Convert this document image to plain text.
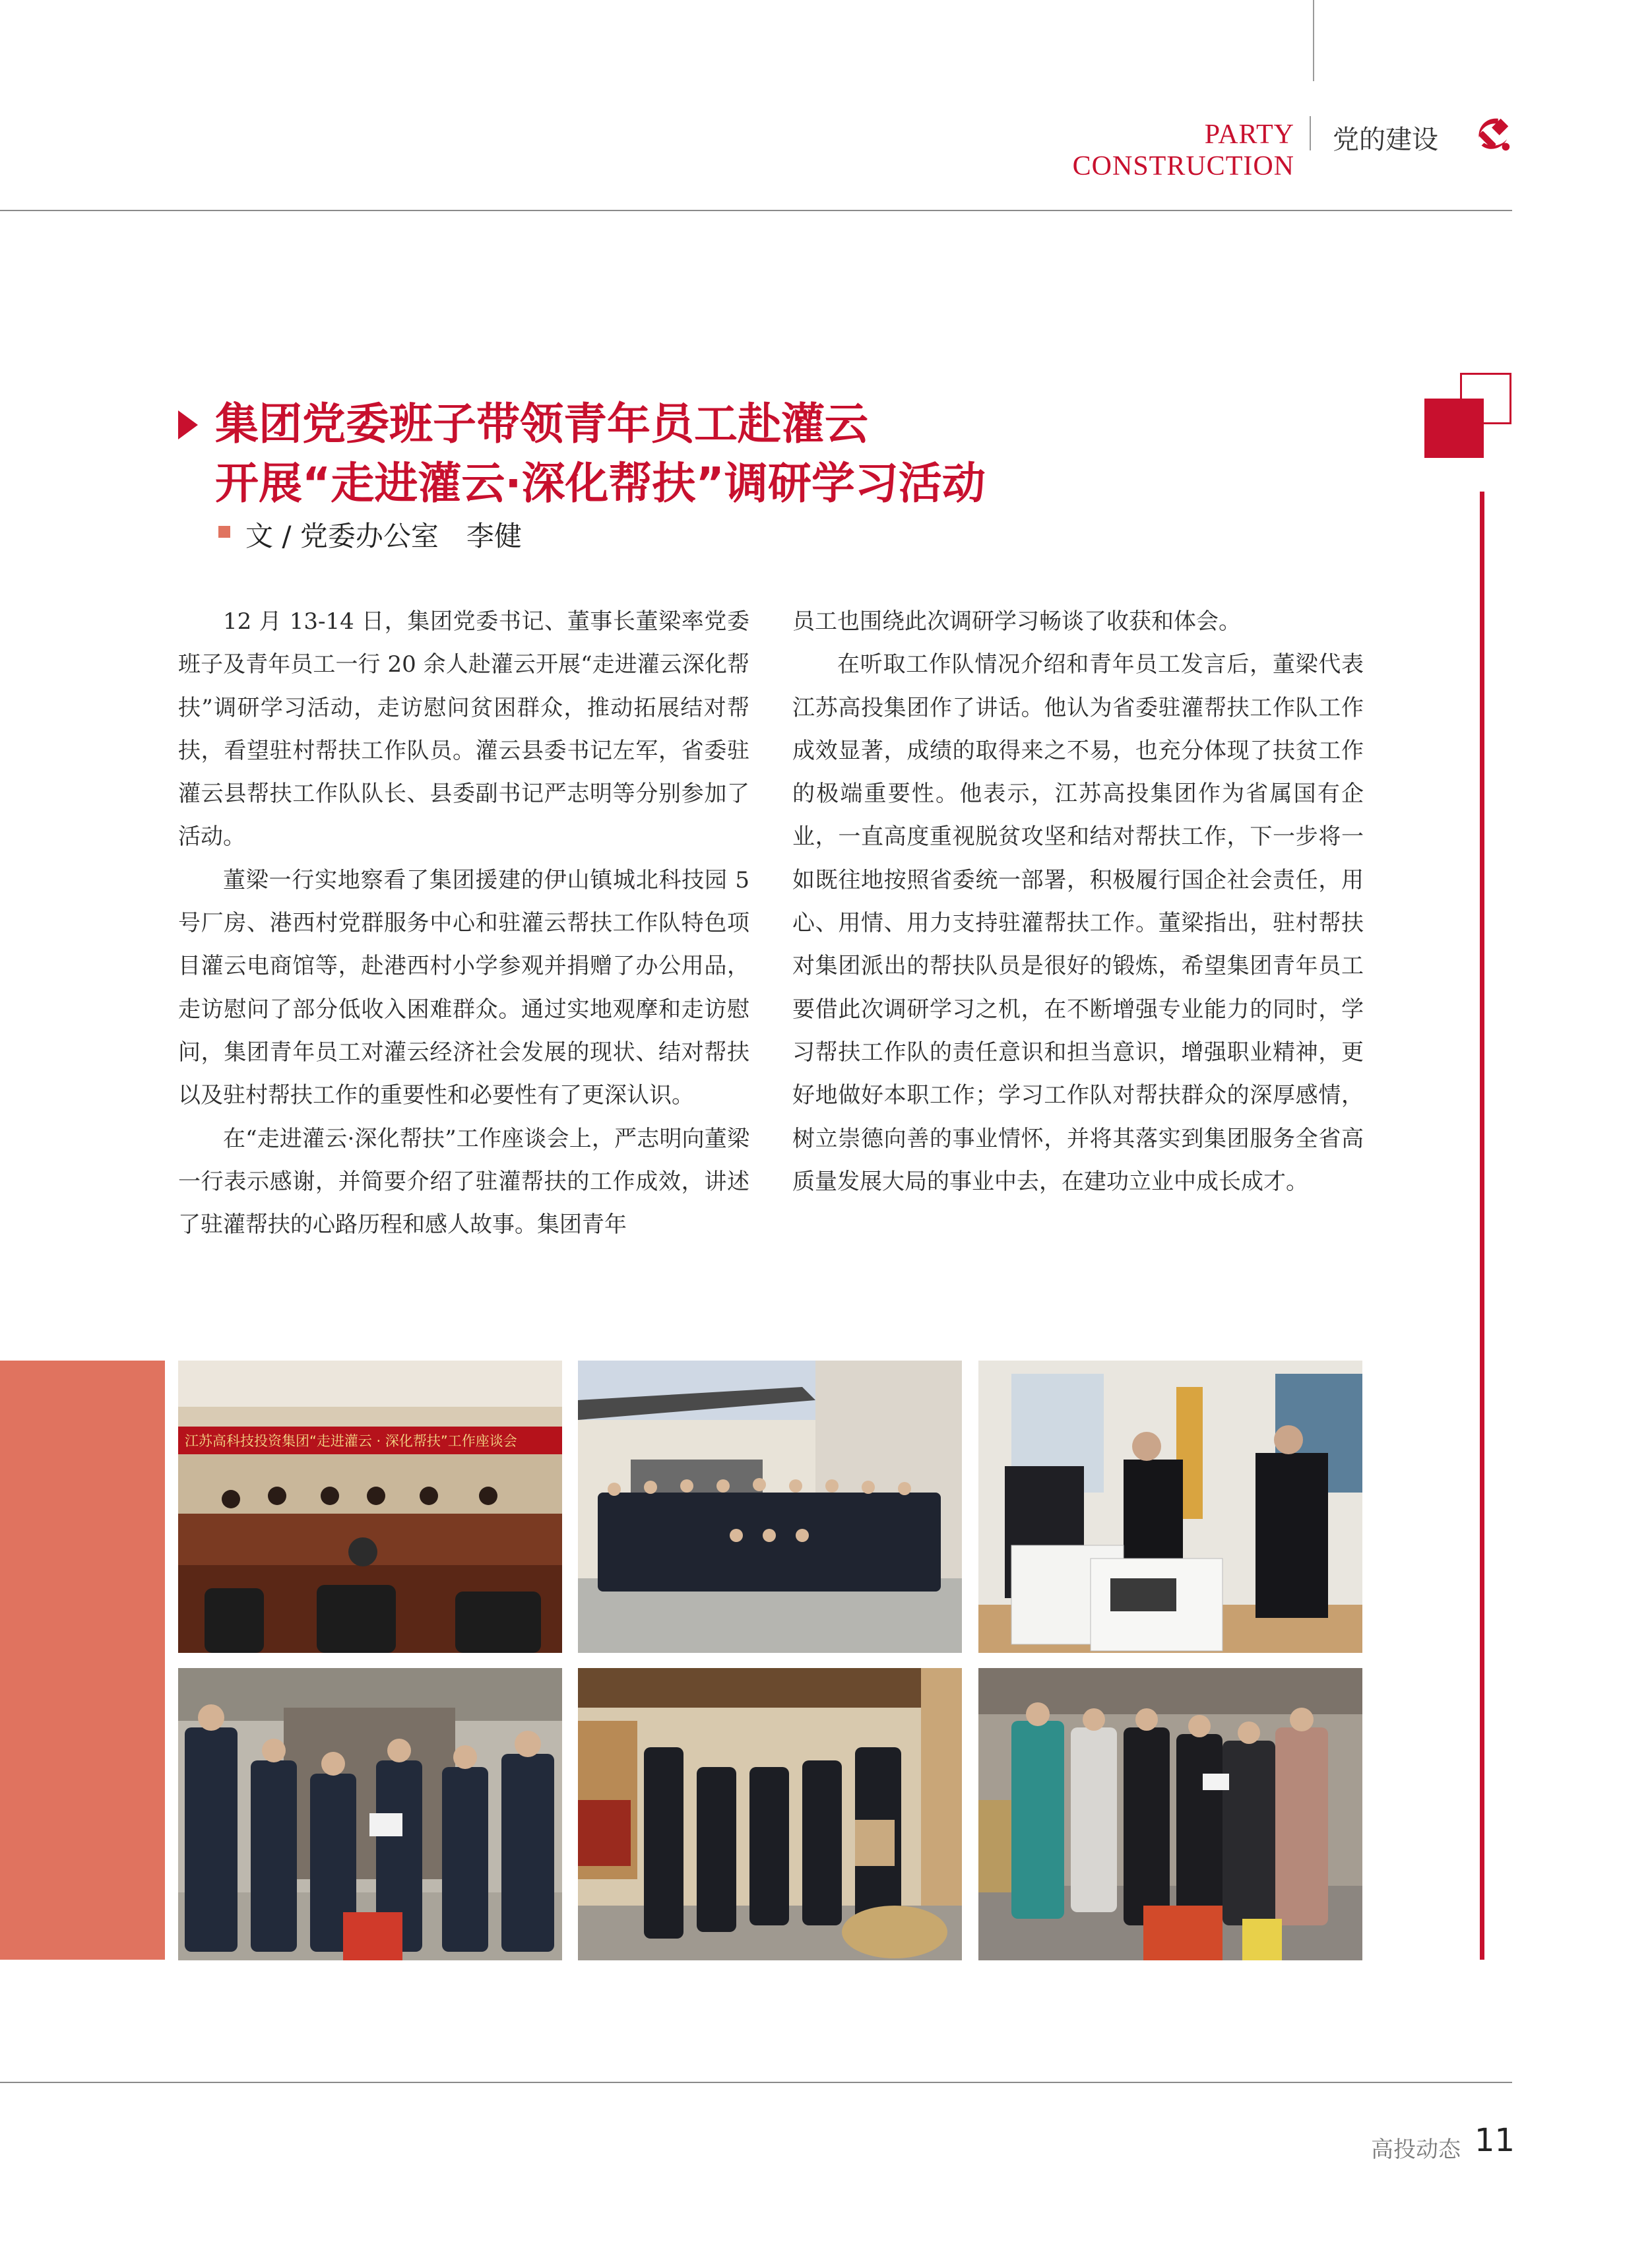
PARTY CONSTRUCTION
党的建设
集团党委班子带领青年员工赴灌云
开展“走进灌云·深化帮扶”调研学习活动
文 / 党委办公室　李健

12 月 13-14 日，集团党委书记、董事长董梁率党委班子及青年员工一行 20 余人赴灌云开展“走进灌云深化帮扶”调研学习活动，走访慰问贫困群众，推动拓展结对帮扶，看望驻村帮扶工作队员。灌云县委书记左军，省委驻灌云县帮扶工作队队长、县委副书记严志明等分别参加了活动。

董梁一行实地察看了集团援建的伊山镇城北科技园 5 号厂房、港西村党群服务中心和驻灌云帮扶工作队特色项目灌云电商馆等，赴港西村小学参观并捐赠了办公用品，走访慰问了部分低收入困难群众。通过实地观摩和走访慰问，集团青年员工对灌云经济社会发展的现状、结对帮扶以及驻村帮扶工作的重要性和必要性有了更深认识。

在“走进灌云·深化帮扶”工作座谈会上，严志明向董梁一行表示感谢，并简要介绍了驻灌帮扶的工作成效，讲述了驻灌帮扶的心路历程和感人故事。集团青年

员工也围绕此次调研学习畅谈了收获和体会。

在听取工作队情况介绍和青年员工发言后，董梁代表江苏高投集团作了讲话。他认为省委驻灌帮扶工作队工作成效显著，成绩的取得来之不易，也充分体现了扶贫工作的极端重要性。他表示，江苏高投集团作为省属国有企业，一直高度重视脱贫攻坚和结对帮扶工作，下一步将一如既往地按照省委统一部署，积极履行国企社会责任，用心、用情、用力支持驻灌帮扶工作。董梁指出，驻村帮扶对集团派出的帮扶队员是很好的锻炼，希望集团青年员工要借此次调研学习之机，在不断增强专业能力的同时，学习帮扶工作队的责任意识和担当意识，增强职业精神，更好地做好本职工作；学习工作队对帮扶群众的深厚感情，树立崇德向善的事业情怀，并将其落实到集团服务全省高质量发展大局的事业中去，在建功立业中成长成才。

江苏高科技投资集团“走进灌云 · 深化帮扶”工作座谈会
高投动态 11
